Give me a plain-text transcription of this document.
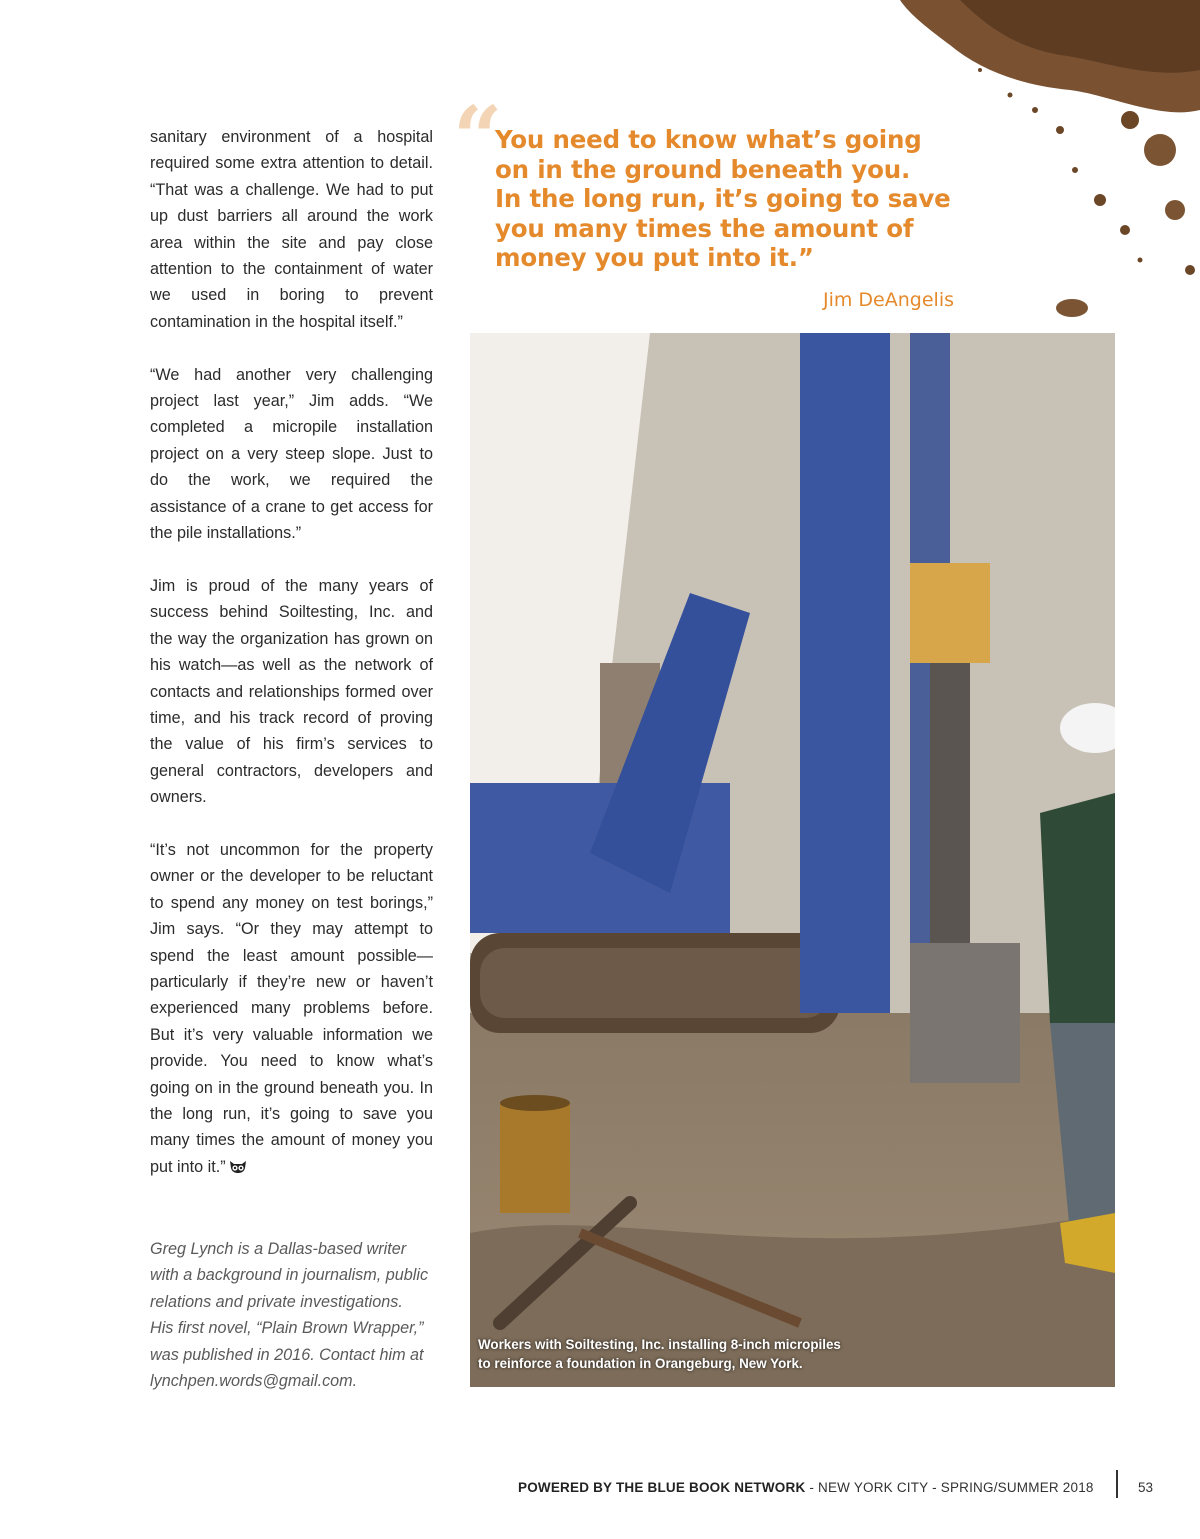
sanitary environment of a hospital required some extra attention to detail. “That was a challenge. We had to put up dust barriers all around the work area within the site and pay close attention to the containment of water we used in boring to prevent contamination in the hospital itself.”

“We had another very challenging project last year,” Jim adds. “We completed a micropile installation project on a very steep slope. Just to do the work, we required the assistance of a crane to get access for the pile installations.”

Jim is proud of the many years of success behind Soiltesting, Inc. and the way the organization has grown on his watch—as well as the network of contacts and relationships formed over time, and his track record of proving the value of his firm’s services to general contractors, developers and owners.

“It’s not uncommon for the property owner or the developer to be reluctant to spend any money on test borings,” Jim says. “Or they may attempt to spend the least amount possible—particularly if they’re new or haven’t experienced many problems before. But it’s very valuable information we provide. You need to know what’s going on in the ground beneath you. In the long run, it’s going to save you many times the amount of money you put into it.”

Greg Lynch is a Dallas-based writer
with a background in journalism, public
relations and private investigations.
His first novel, “Plain Brown Wrapper,”
was published in 2016. Contact him at
lynchpen.words@gmail.com.
“
You need to know what’s going
on in the ground beneath you.
In the long run, it’s going to save
you many times the amount of
money you put into it.”
Jim DeAngelis
Workers with Soiltesting, Inc. installing 8-inch micropiles
to reinforce a foundation in Orangeburg, New York.
POWERED BY THE BLUE BOOK NETWORK - NEW YORK CITY - SPRING/SUMMER 2018	53
